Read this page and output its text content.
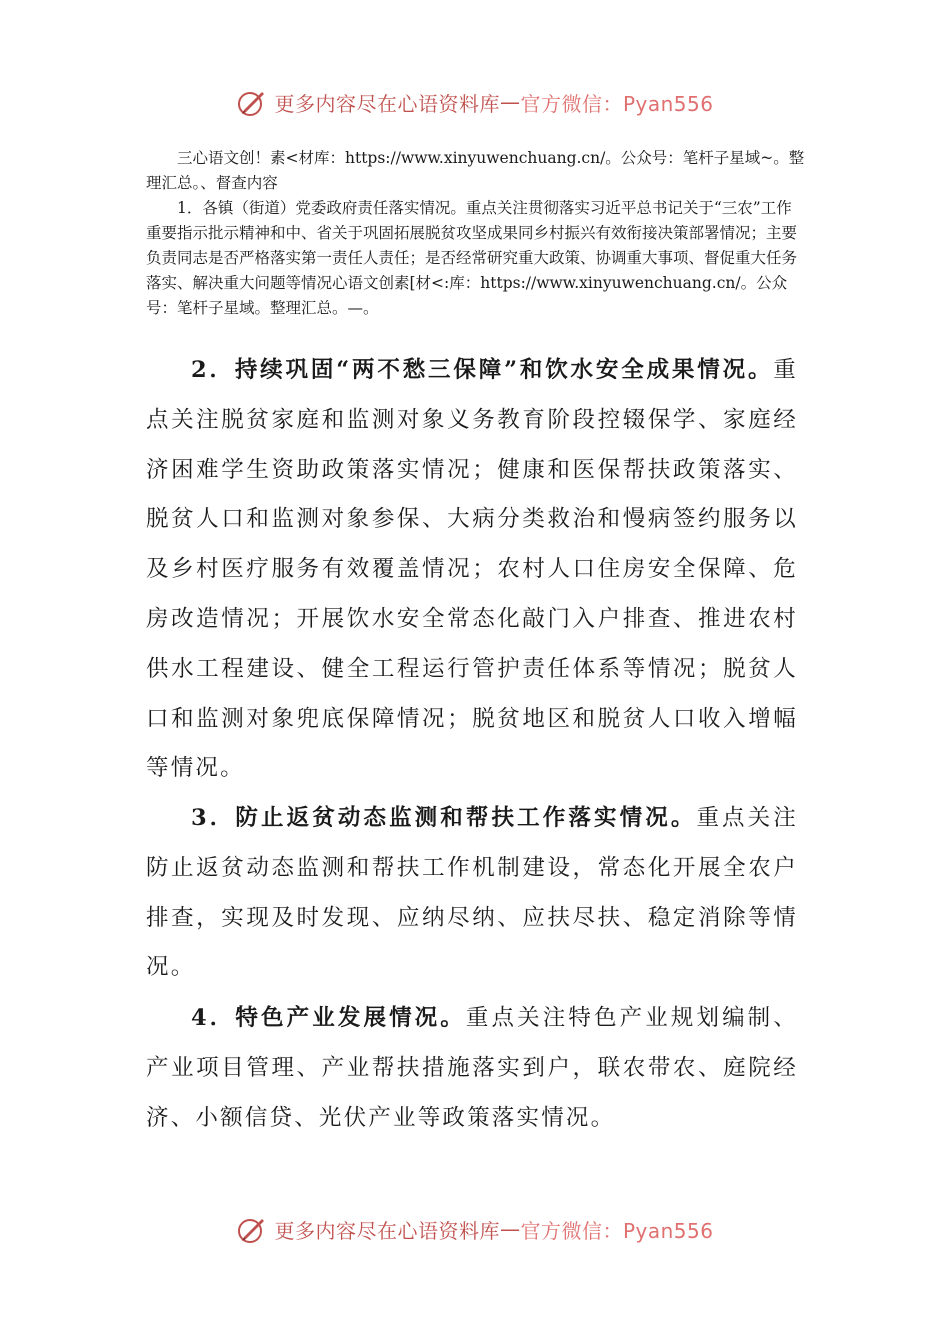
更多内容尽在心语资料库 — 官方微信：Pyan556

三心语文创！素<材库：https://www.xinyuwenchuang.cn/。公众号：笔杆子星域~。整理汇总。、督查内容

1．各镇（街道）党委政府责任落实情况。重点关注贯彻落实习近平总书记关于“三农”工作重要指示批示精神和中、省关于巩固拓展脱贫攻坚成果同乡村振兴有效衔接决策部署情况；主要负责同志是否严格落实第一责任人责任；是否经常研究重大政策、协调重大事项、督促重大任务落实、解决重大问题等情况心语文创素[材<:库：https://www.xinyuwenchuang.cn/。公众号：笔杆子星域。整理汇总。—。

2．持续巩固“两不愁三保障”和饮水安全成果情况。重点关注脱贫家庭和监测对象义务教育阶段控辍保学、家庭经济困难学生资助政策落实情况；健康和医保帮扶政策落实、脱贫人口和监测对象参保、大病分类救治和慢病签约服务以及乡村医疗服务有效覆盖情况；农村人口住房安全保障、危房改造情况；开展饮水安全常态化敲门入户排查、推进农村供水工程建设、健全工程运行管护责任体系等情况；脱贫人口和监测对象兜底保障情况；脱贫地区和脱贫人口收入增幅等情况。

3．防止返贫动态监测和帮扶工作落实情况。重点关注防止返贫动态监测和帮扶工作机制建设，常态化开展全农户排查，实现及时发现、应纳尽纳、应扶尽扶、稳定消除等情况。

4．特色产业发展情况。重点关注特色产业规划编制、产业项目管理、产业帮扶措施落实到户，联农带农、庭院经济、小额信贷、光伏产业等政策落实情况。

更多内容尽在心语资料库 — 官方微信：Pyan556
